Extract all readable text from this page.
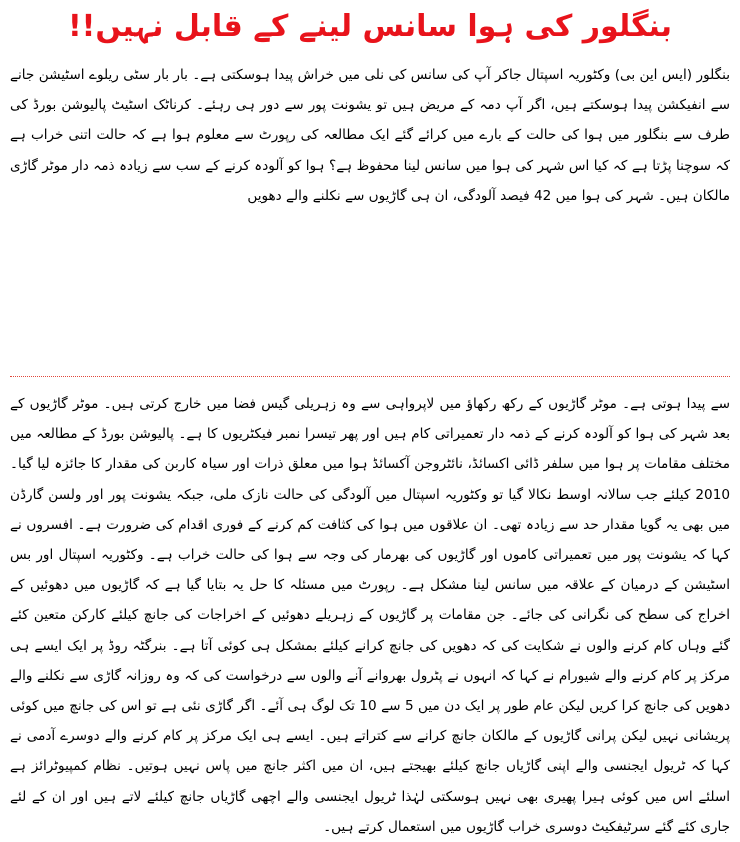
بنگلور کی ہوا سانس لینے کے قابل نہیں!!

بنگلور (ایس این بی) وکٹوریہ اسپتال جاکر آپ کی سانس کی نلی میں خراش پیدا ہوسکتی ہے۔ بار بار سٹی ریلوے اسٹیشن جانے سے انفیکشن پیدا ہوسکتے ہیں، اگر آپ دمہ کے مریض ہیں تو یشونت پور سے دور ہی رہئے۔ کرناٹک اسٹیٹ پالیوشن بورڈ کی طرف سے بنگلور میں ہوا کی حالت کے بارے میں کرائے گئے ایک مطالعہ کی رپورٹ سے معلوم ہوا ہے کہ حالت اتنی خراب ہے کہ سوچنا پڑتا ہے کہ کیا اس شہر کی ہوا میں سانس لینا محفوظ ہے؟ ہوا کو آلودہ کرنے کے سب سے زیادہ ذمہ دار موٹر گاڑی مالکان ہیں۔ شہر کی ہوا میں 42 فیصد آلودگی، ان ہی گاڑیوں سے نکلنے والے دھویں

سے پیدا ہوتی ہے۔ موٹر گاڑیوں کے رکھ رکھاؤ میں لاپرواہی سے وہ زہریلی گیس فضا میں خارج کرتی ہیں۔ موٹر گاڑیوں کے بعد شہر کی ہوا کو آلودہ کرنے کے ذمہ دار تعمیراتی کام ہیں اور پھر تیسرا نمبر فیکٹریوں کا ہے۔ پالیوشن بورڈ کے مطالعہ میں مختلف مقامات پر ہوا میں سلفر ڈائی اکسائڈ، نائٹروجن آکسائڈ ہوا میں معلق ذرات اور سیاہ کاربن کی مقدار کا جائزہ لیا گیا۔ 2010 کیلئے جب سالانہ اوسط نکالا گیا تو وکٹوریہ اسپتال میں آلودگی کی حالت نازک ملی، جبکہ یشونت پور اور ولسن گارڈن میں بھی یہ گویا مقدار حد سے زیادہ تھی۔ ان علاقوں میں ہوا کی کثافت کم کرنے کے فوری اقدام کی ضرورت ہے۔ افسروں نے کہا کہ یشونت پور میں تعمیراتی کاموں اور گاڑیوں کی بھرمار کی وجہ سے ہوا کی حالت خراب ہے۔ وکٹوریہ اسپتال اور بس اسٹیشن کے درمیان کے علاقہ میں سانس لینا مشکل ہے۔ رپورٹ میں مسئلہ کا حل یہ بتایا گیا ہے کہ گاڑیوں میں دھوئیں کے اخراج کی سطح کی نگرانی کی جائے۔ جن مقامات پر گاڑیوں کے زہریلے دھوئیں کے اخراجات کی جانچ کیلئے کارکن متعین کئے گئے وہاں کام کرنے والوں نے شکایت کی کہ دھویں کی جانچ کرانے کیلئے بمشکل ہی کوئی آتا ہے۔ بنرگٹہ روڈ پر ایک ایسے ہی مرکز پر کام کرنے والے شیورام نے کہا کہ انہوں نے پٹرول بھروانے آنے والوں سے درخواست کی کہ وہ روزانہ گاڑی سے نکلنے والے دھویں کی جانچ کرا کریں لیکن عام طور پر ایک دن میں 5 سے 10 تک لوگ ہی آئے۔ اگر گاڑی نئی ہے تو اس کی جانچ میں کوئی پریشانی نہیں لیکن پرانی گاڑیوں کے مالکان جانچ کرانے سے کتراتے ہیں۔ ایسے ہی ایک مرکز پر کام کرنے والے دوسرے آدمی نے کہا کہ ٹریول ایجنسی والے اپنی گاڑیاں جانچ کیلئے بھیجتے ہیں، ان میں اکثر جانچ میں پاس نہیں ہوتیں۔ نظام کمپیوٹرائز ہے اسلئے اس میں کوئی ہیرا پھیری بھی نہیں ہوسکتی لہٰذا ٹریول ایجنسی والے اچھی گاڑیاں جانچ کیلئے لاتے ہیں اور ان کے لئے جاری کئے گئے سرٹیفکیٹ دوسری خراب گاڑیوں میں استعمال کرتے ہیں۔
